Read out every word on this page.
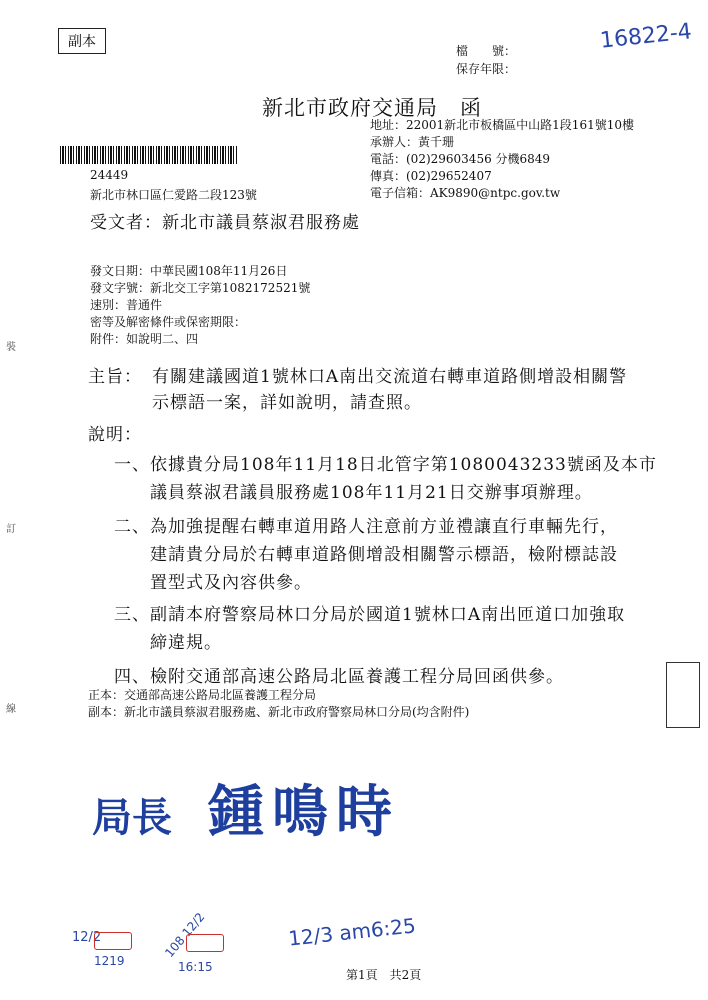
副本
檔　　號：
保存年限：
16822-4
新北市政府交通局　函
地址：22001新北市板橋區中山路1段161號10樓
承辦人：黃千珊
電話：(02)29603456 分機6849
傳真：(02)29652407
電子信箱：AK9890@ntpc.gov.tw
24449
新北市林口區仁愛路二段123號
受文者：新北市議員蔡淑君服務處
發文日期：中華民國108年11月26日
發文字號：新北交工字第1082172521號
速別：普通件
密等及解密條件或保密期限：
附件：如說明二、四
主旨： 有關建議國道1號林口A南出交流道右轉車道路側增設相關警
示標語一案，詳如說明，請查照。
說明：
一、 依據貴分局108年11月18日北管字第1080043233號函及本市
議員蔡淑君議員服務處108年11月21日交辦事項辦理。
二、 為加強提醒右轉車道用路人注意前方並禮讓直行車輛先行，
建請貴分局於右轉車道路側增設相關警示標語，檢附標誌設
置型式及內容供參。
三、 副請本府警察局林口分局於國道1號林口A南出匝道口加強取
締違規。
四、 檢附交通部高速公路局北區養護工程分局回函供參。
正本：交通部高速公路局北區養護工程分局
副本：新北市議員蔡淑君服務處、新北市政府警察局林口分局(均含附件)
局長 鍾鳴時
裝
訂
線
12/2
1219
108 12/2
16:15
12/3 am6:25
第1頁　共2頁
